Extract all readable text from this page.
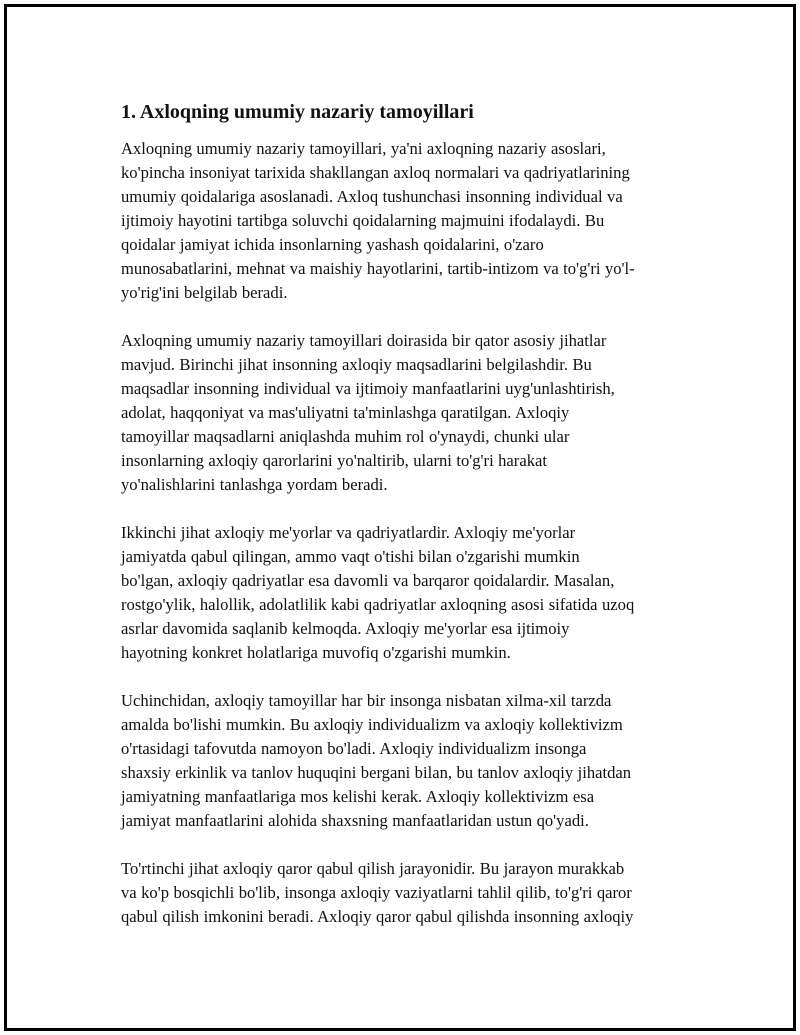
1. Axloqning umumiy nazariy tamoyillari

Axloqning umumiy nazariy tamoyillari, ya'ni axloqning nazariy asoslari,
ko'pincha insoniyat tarixida shakllangan axloq normalari va qadriyatlarining
umumiy qoidalariga asoslanadi. Axloq tushunchasi insonning individual va
ijtimoiy hayotini tartibga soluvchi qoidalarning majmuini ifodalaydi. Bu
qoidalar jamiyat ichida insonlarning yashash qoidalarini, o'zaro
munosabatlarini, mehnat va maishiy hayotlarini, tartib-intizom va to'g'ri yo'l-
yo'rig'ini belgilab beradi.

Axloqning umumiy nazariy tamoyillari doirasida bir qator asosiy jihatlar
mavjud. Birinchi jihat insonning axloqiy maqsadlarini belgilashdir. Bu
maqsadlar insonning individual va ijtimoiy manfaatlarini uyg'unlashtirish,
adolat, haqqoniyat va mas'uliyatni ta'minlashga qaratilgan. Axloqiy
tamoyillar maqsadlarni aniqlashda muhim rol o'ynaydi, chunki ular
insonlarning axloqiy qarorlarini yo'naltirib, ularni to'g'ri harakat
yo'nalishlarini tanlashga yordam beradi.

Ikkinchi jihat axloqiy me'yorlar va qadriyatlardir. Axloqiy me'yorlar
jamiyatda qabul qilingan, ammo vaqt o'tishi bilan o'zgarishi mumkin
bo'lgan, axloqiy qadriyatlar esa davomli va barqaror qoidalardir. Masalan,
rostgo'ylik, halollik, adolatlilik kabi qadriyatlar axloqning asosi sifatida uzoq
asrlar davomida saqlanib kelmoqda. Axloqiy me'yorlar esa ijtimoiy
hayotning konkret holatlariga muvofiq o'zgarishi mumkin.

Uchinchidan, axloqiy tamoyillar har bir insonga nisbatan xilma-xil tarzda
amalda bo'lishi mumkin. Bu axloqiy individualizm va axloqiy kollektivizm
o'rtasidagi tafovutda namoyon bo'ladi. Axloqiy individualizm insonga
shaxsiy erkinlik va tanlov huquqini bergani bilan, bu tanlov axloqiy jihatdan
jamiyatning manfaatlariga mos kelishi kerak. Axloqiy kollektivizm esa
jamiyat manfaatlarini alohida shaxsning manfaatlaridan ustun qo'yadi.

To'rtinchi jihat axloqiy qaror qabul qilish jarayonidir. Bu jarayon murakkab
va ko'p bosqichli bo'lib, insonga axloqiy vaziyatlarni tahlil qilib, to'g'ri qaror
qabul qilish imkonini beradi. Axloqiy qaror qabul qilishda insonning axloqiy
